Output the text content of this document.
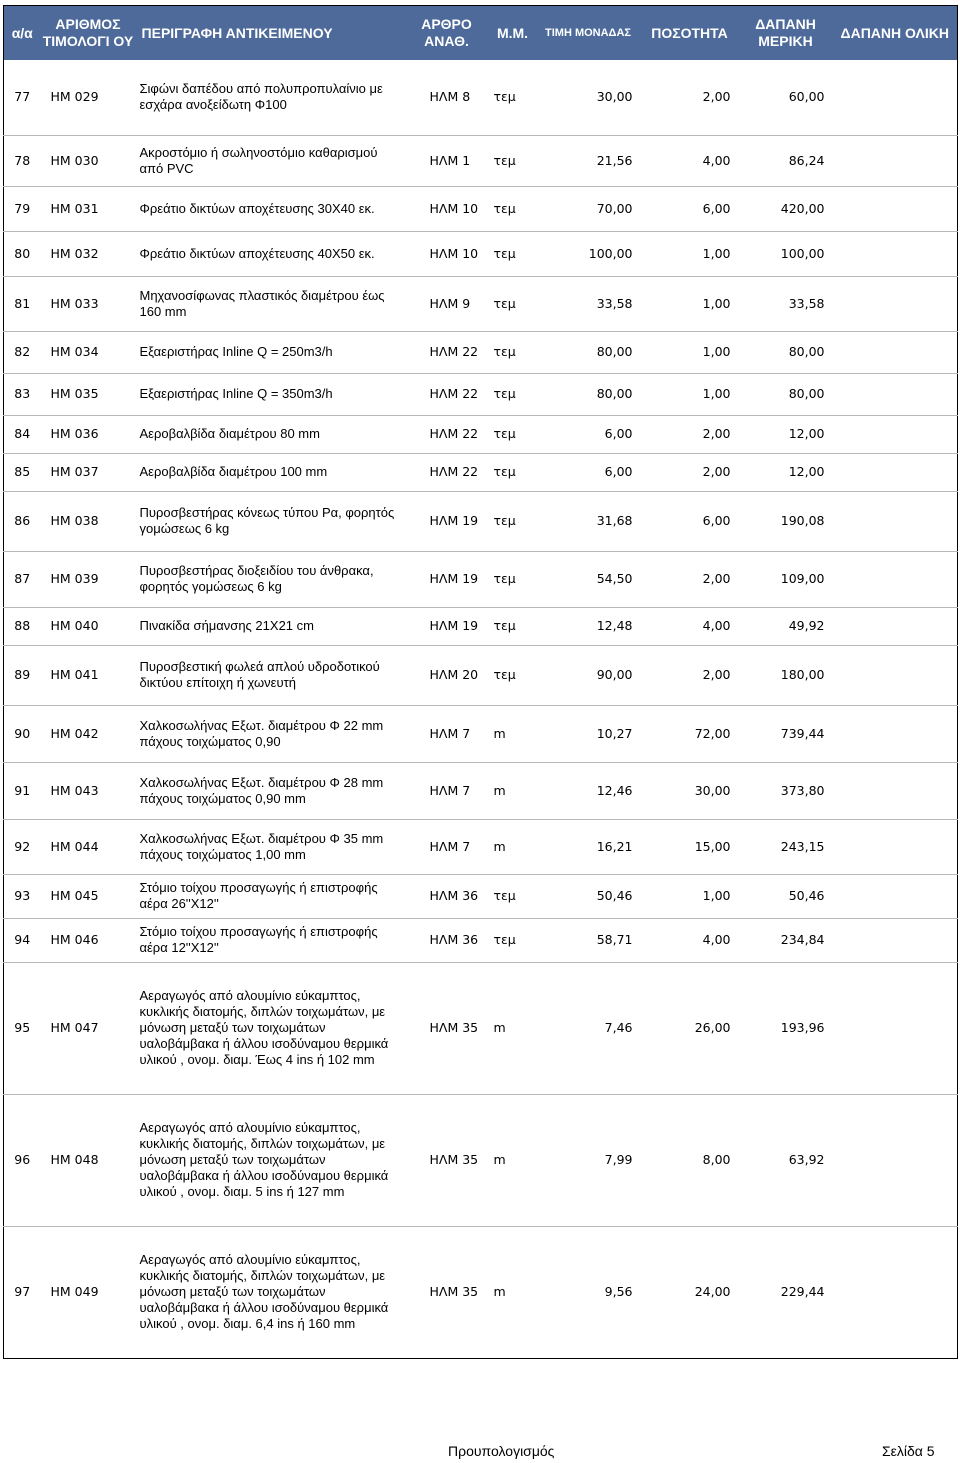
α/α	ΑΡΙΘΜΟΣ ΤΙΜΟΛΟΓΙ ΟΥ	ΠΕΡΙΓΡΑΦΗ ΑΝΤΙΚΕΙΜΕΝΟΥ	ΑΡΘΡΟ ΑΝΑΘ.	Μ.Μ.	ΤΙΜΗ ΜΟΝΑΔΑΣ	ΠΟΣΟΤΗΤΑ	ΔΑΠΑΝΗ ΜΕΡΙΚΗ	ΔΑΠΑΝΗ ΟΛΙΚΗ
77	ΗΜ 029	Σιφώνι δαπέδου από πολυπροπυλαίνιο με εσχάρα ανοξείδωτη Φ100	ΗΛΜ 8	τεμ	30,00	2,00	60,00	
78	ΗΜ 030	Ακροστόμιο ή σωληνοστόμιο καθαρισμού από PVC	ΗΛΜ 1	τεμ	21,56	4,00	86,24	
79	ΗΜ 031	Φρεάτιο δικτύων αποχέτευσης 30Χ40 εκ.	ΗΛΜ 10	τεμ	70,00	6,00	420,00	
80	ΗΜ 032	Φρεάτιο δικτύων αποχέτευσης 40Χ50 εκ.	ΗΛΜ 10	τεμ	100,00	1,00	100,00	
81	ΗΜ 033	Μηχανοσίφωνας πλαστικός διαμέτρου έως 160 mm	ΗΛΜ 9	τεμ	33,58	1,00	33,58	
82	ΗΜ 034	Εξαεριστήρας Inline Q = 250m3/h	ΗΛΜ 22	τεμ	80,00	1,00	80,00	
83	ΗΜ 035	Εξαεριστήρας Inline Q = 350m3/h	ΗΛΜ 22	τεμ	80,00	1,00	80,00	
84	ΗΜ 036	Αεροβαλβίδα διαμέτρου 80 mm	ΗΛΜ 22	τεμ	6,00	2,00	12,00	
85	ΗΜ 037	Αεροβαλβίδα διαμέτρου 100 mm	ΗΛΜ 22	τεμ	6,00	2,00	12,00	
86	ΗΜ 038	Πυροσβεστήρας κόνεως τύπου Ρα, φορητός γομώσεως 6 kg	ΗΛΜ 19	τεμ	31,68	6,00	190,08	
87	ΗΜ 039	Πυροσβεστήρας διοξειδίου του άνθρακα, φορητός γομώσεως 6 kg	ΗΛΜ 19	τεμ	54,50	2,00	109,00	
88	ΗΜ 040	Πινακίδα σήμανσης 21Χ21 cm	ΗΛΜ 19	τεμ	12,48	4,00	49,92	
89	ΗΜ 041	Πυροσβεστική φωλεά απλού υδροδοτικού δικτύου επίτοιχη ή χωνευτή	ΗΛΜ 20	τεμ	90,00	2,00	180,00	
90	ΗΜ 042	Χαλκοσωλήνας Εξωτ. διαμέτρου Φ 22 mm πάχους τοιχώματος 0,90	ΗΛΜ 7	m	10,27	72,00	739,44	
91	ΗΜ 043	Χαλκοσωλήνας Εξωτ. διαμέτρου Φ 28 mm πάχους τοιχώματος 0,90 mm	ΗΛΜ 7	m	12,46	30,00	373,80	
92	ΗΜ 044	Χαλκοσωλήνας Εξωτ. διαμέτρου Φ 35 mm πάχους τοιχώματος 1,00 mm	ΗΛΜ 7	m	16,21	15,00	243,15	
93	ΗΜ 045	Στόμιο τοίχου προσαγωγής ή επιστροφής αέρα 26''Χ12''	ΗΛΜ 36	τεμ	50,46	1,00	50,46	
94	ΗΜ 046	Στόμιο τοίχου προσαγωγής ή επιστροφής αέρα 12''Χ12''	ΗΛΜ 36	τεμ	58,71	4,00	234,84	
95	ΗΜ 047	Αεραγωγός από αλουμίνιο εύκαμπτος, κυκλικής διατομής, διπλών τοιχωμάτων, με μόνωση μεταξύ των τοιχωμάτων υαλοβάμβακα ή άλλου ισοδύναμου θερμικά υλικού , ονομ. διαμ. Έως 4 ins ή 102 mm	ΗΛΜ 35	m	7,46	26,00	193,96	
96	ΗΜ 048	Αεραγωγός από αλουμίνιο εύκαμπτος, κυκλικής διατομής, διπλών τοιχωμάτων, με μόνωση μεταξύ των τοιχωμάτων υαλοβάμβακα ή άλλου ισοδύναμου θερμικά υλικού , ονομ. διαμ. 5 ins ή 127 mm	ΗΛΜ 35	m	7,99	8,00	63,92	
97	ΗΜ 049	Αεραγωγός από αλουμίνιο εύκαμπτος, κυκλικής διατομής, διπλών τοιχωμάτων, με μόνωση μεταξύ των τοιχωμάτων υαλοβάμβακα ή άλλου ισοδύναμου θερμικά υλικού , ονομ. διαμ. 6,4 ins ή 160 mm	ΗΛΜ 35	m	9,56	24,00	229,44	
Προυπολογισμός	Σελίδα 5
